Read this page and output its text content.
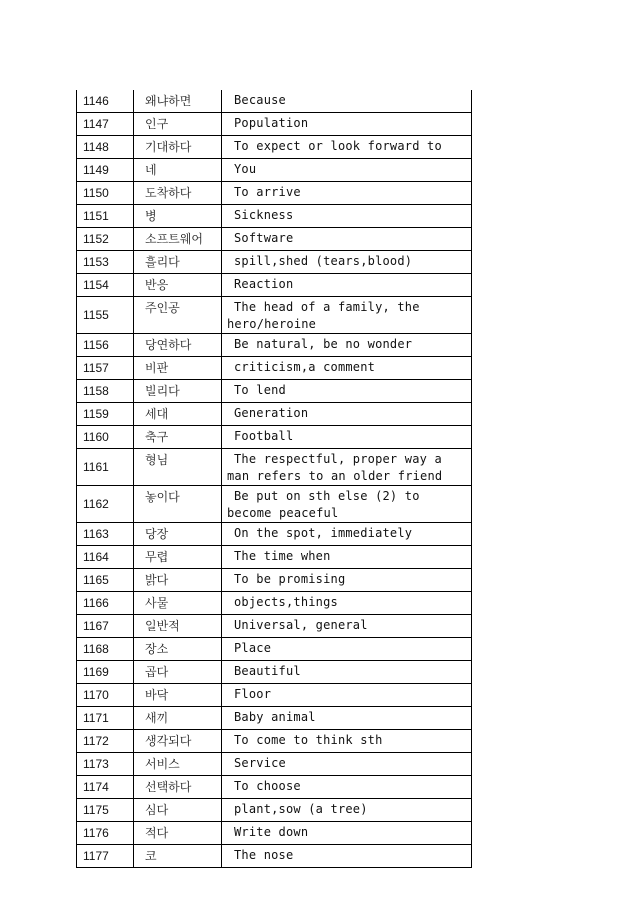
1146	왜냐하면	Because

1147	인구	Population

1148	기대하다	To expect or look forward to

1149	네	You

1150	도착하다	To arrive

1151	병	Sickness

1152	소프트웨어	Software

1153	흘리다	spill,shed (tears,blood)

1154	반응	Reaction

1155	주인공	The head of a family, the hero/heroine

1156	당연하다	Be natural, be no wonder

1157	비판	criticism,a comment

1158	빌리다	To lend

1159	세대	Generation

1160	축구	Football

1161	형님	The respectful, proper way a man refers to an older friend

1162	놓이다	Be put on sth else (2) to become peaceful

1163	당장	On the spot, immediately

1164	무렵	The time when

1165	밝다	To be promising

1166	사물	objects,things

1167	일반적	Universal, general

1168	장소	Place

1169	곱다	Beautiful

1170	바닥	Floor

1171	새끼	Baby animal

1172	생각되다	To come to think sth

1173	서비스	Service

1174	선택하다	To choose

1175	심다	plant,sow (a tree)

1176	적다	Write down

1177	코	The nose
